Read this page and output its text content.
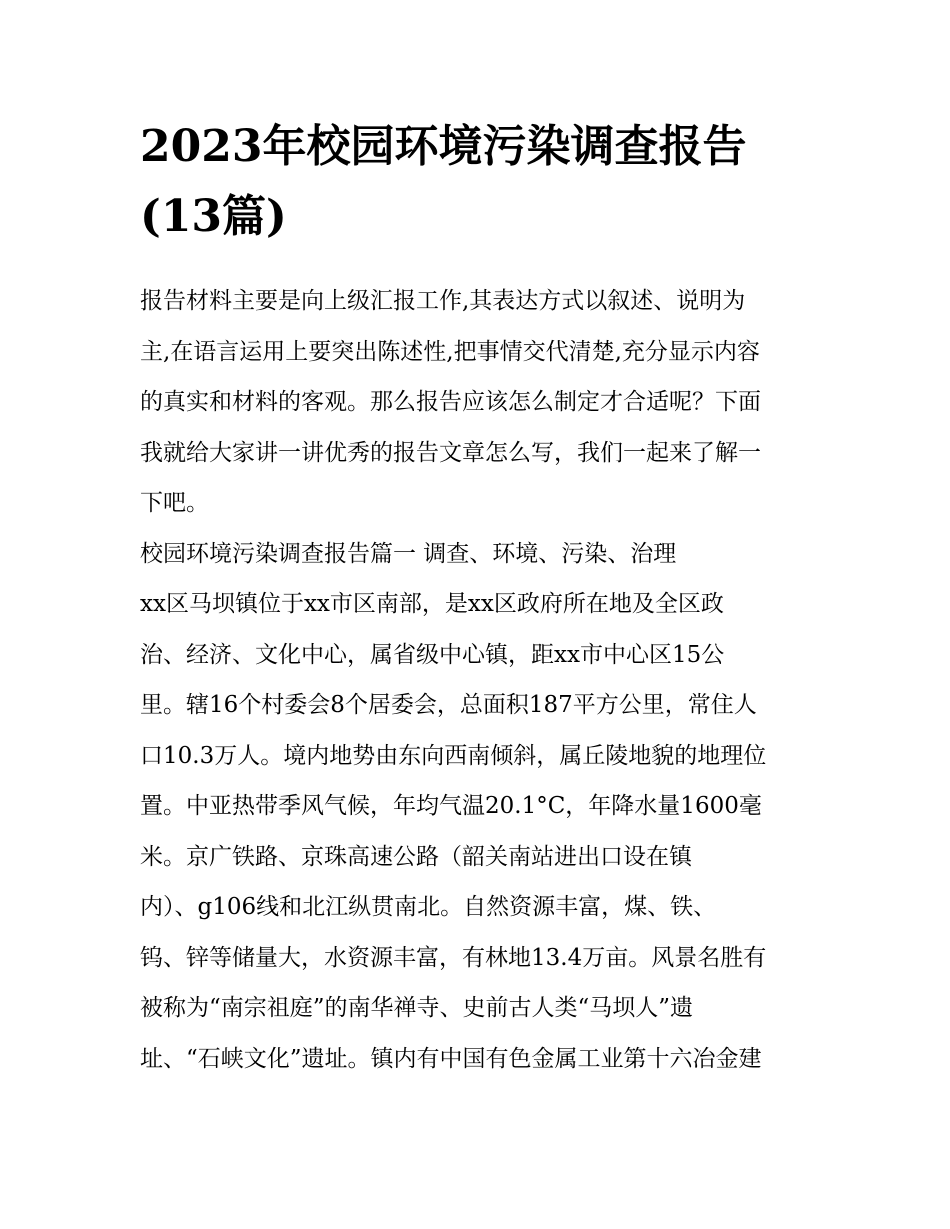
2023年校园环境污染调查报告
(13篇)
报告材料主要是向上级汇报工作,其表达方式以叙述、说明为
主,在语言运用上要突出陈述性,把事情交代清楚,充分显示内容
的真实和材料的客观。那么报告应该怎么制定才合适呢？下面
我就给大家讲一讲优秀的报告文章怎么写，我们一起来了解一
下吧。
校园环境污染调查报告篇一 调查、环境、污染、治理
xx区马坝镇位于xx市区南部，是xx区政府所在地及全区政
治、经济、文化中心，属省级中心镇，距xx市中心区15公
里。辖16个村委会8个居委会，总面积187平方公里，常住人
口10.3万人。境内地势由东向西南倾斜，属丘陵地貌的地理位
置。中亚热带季风气候，年均气温20.1°C，年降水量1600毫
米。京广铁路、京珠高速公路（韶关南站进出口设在镇
内）、g106线和北江纵贯南北。自然资源丰富，煤、铁、
钨、锌等储量大，水资源丰富，有林地13.4万亩。风景名胜有
被称为“南宗祖庭”的南华禅寺、史前古人类“马坝人”遗
址、“石峡文化”遗址。镇内有中国有色金属工业第十六冶金建
